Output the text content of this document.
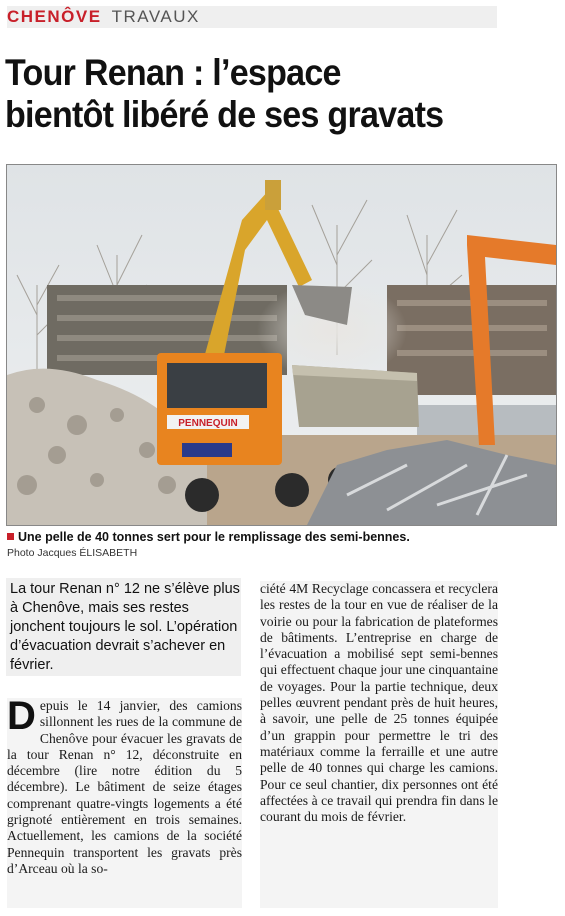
CHENÔVE TRAVAUX
Tour Renan : l’espace
bientôt libéré de ses gravats
PENNEQUIN
Une pelle de 40 tonnes sert pour le remplissage des semi-bennes.
Photo Jacques ÉLISABETH

La tour Renan n° 12 ne s’élève plus à Chenôve, mais ses restes jonchent toujours le sol. L’opération d’évacuation devrait s’achever en février.

Depuis le 14 janvier, des camions sillonnent les rues de la commune de Chenôve pour évacuer les gravats de la tour Renan n° 12, déconstruite en décembre (lire notre édition du 5 décembre). Le bâtiment de seize étages comprenant quatre-vingts logements a été grignoté entièrement en trois semaines. Actuellement, les camions de la société Pennequin transportent les gravats près d’Arceau où la so-

ciété 4M Recyclage concassera et recyclera les restes de la tour en vue de réaliser de la voirie ou pour la fabrication de plateformes de bâtiments. L’entreprise en charge de l’évacuation a mobilisé sept semi-bennes qui effectuent chaque jour une cinquantaine de voyages. Pour la partie technique, deux pelles œuvrent pendant près de huit heures, à savoir, une pelle de 25 tonnes équipée d’un grappin pour permettre le tri des matériaux comme la ferraille et une autre pelle de 40 tonnes qui charge les camions. Pour ce seul chantier, dix personnes ont été affectées à ce travail qui prendra fin dans le courant du mois de février.
